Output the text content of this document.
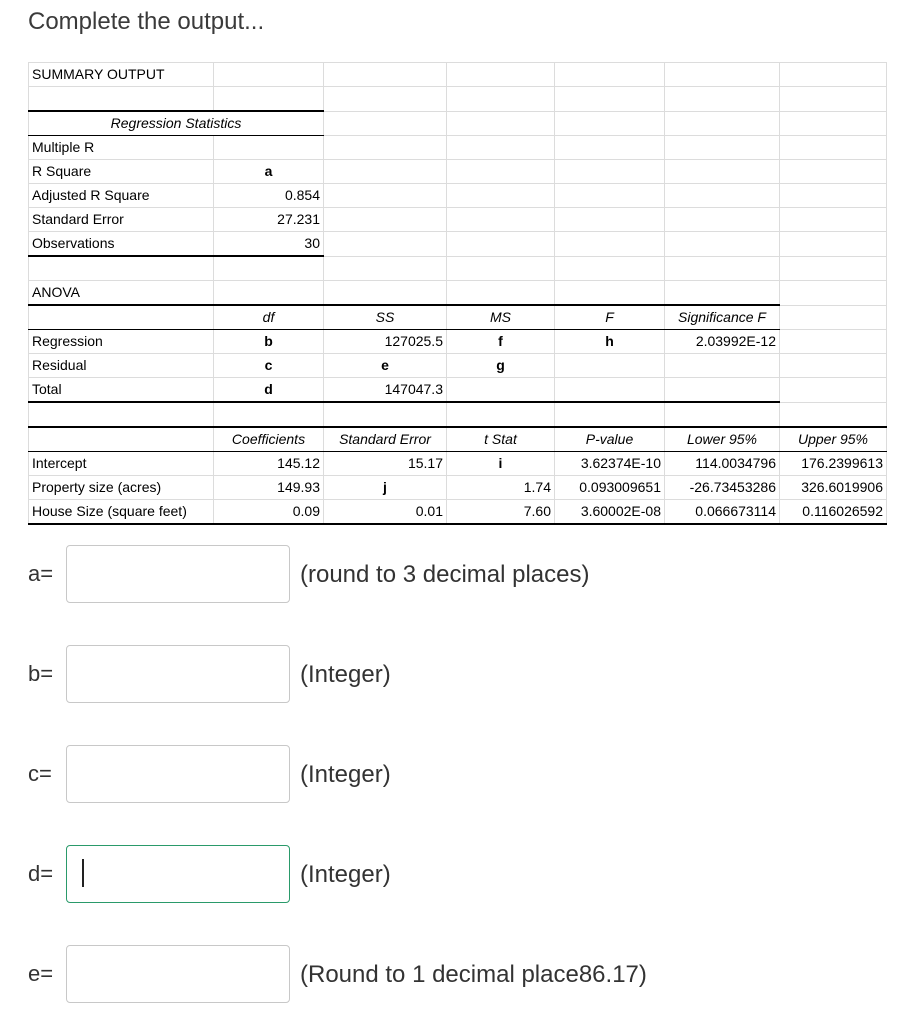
Complete the output...
SUMMARY OUTPUT						

Regression Statistics						
Multiple R						
R Square	a					
Adjusted R Square	0.854					
Standard Error	27.231					
Observations	30					

ANOVA						
	df	SS	MS	F	Significance F	
Regression	b	127025.5	f	h	2.03992E-12	
Residual	c	e	g			
Total	d	147047.3				

	Coefficients	Standard Error	t Stat	P-value	Lower 95%	Upper 95%
Intercept	145.12	15.17	i	3.62374E-10	114.0034796	176.2399613
Property size (acres)	149.93	j	1.74	0.093009651	-26.73453286	326.6019906
House Size (square feet)	0.09	0.01	7.60	3.60002E-08	0.066673114	0.116026592
a=	(round to 3 decimal places)
b=	(Integer)
c=	(Integer)
d=	(Integer)
e=	(Round to 1 decimal place86.17)
